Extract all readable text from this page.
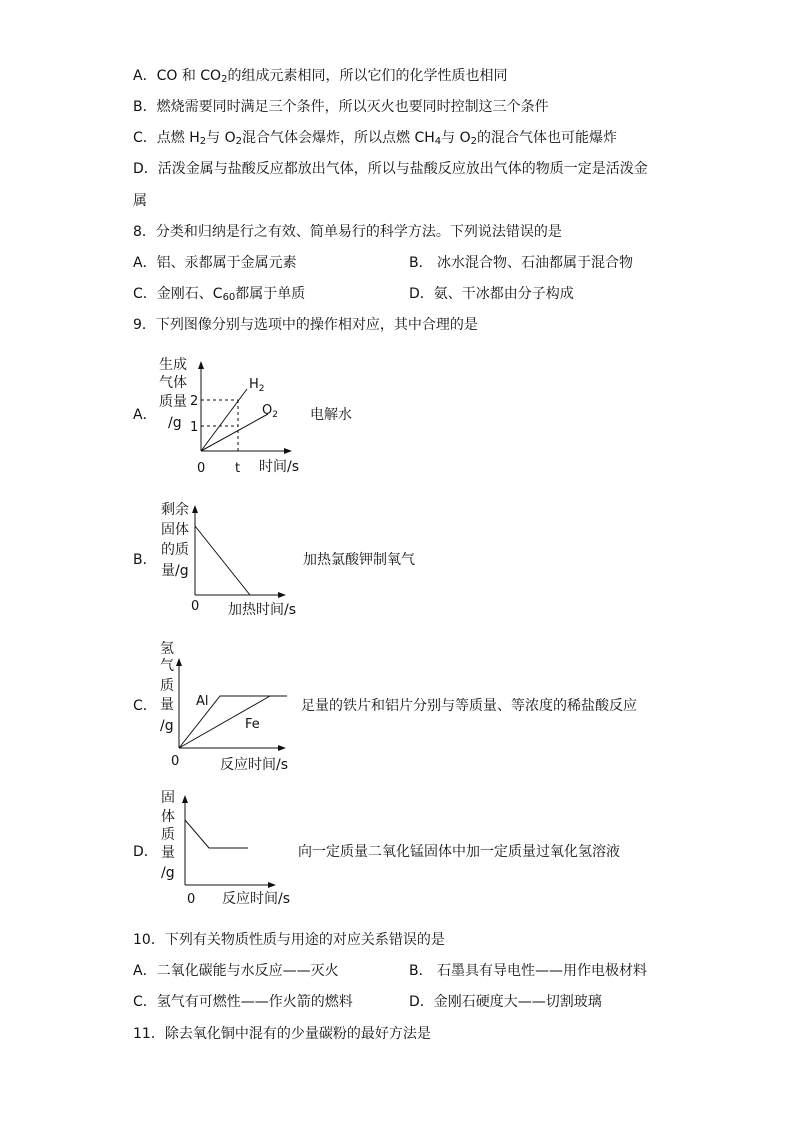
A．CO 和 $CO_2$的组成元素相同，所以它们的化学性质也相同
B．燃烧需要同时满足三个条件，所以灭火也要同时控制这三个条件
C．点燃 $H_2$与 $O_2$混合气体会爆炸，所以点燃 $CH_4$与 $O_2$的混合气体也可能爆炸
D．活泼金属与盐酸反应都放出气体，所以与盐酸反应放出气体的物质一定是活泼金
属
8．分类和归纳是行之有效、简单易行的科学方法。下列说法错误的是
A．铝、汞都属于金属元素	B． 冰水混合物、石油都属于混合物
C．金刚石、$C_{60}$都属于单质	D．氨、干冰都由分子构成
9．下列图像分别与选项中的操作相对应，其中合理的是
A．
生成
气体
质量
/g
2
1
0 t 时间/s
$H_2$
$O_2$ 电解水
B．
剩余
固体
的质
量/g
0 加热时间/s
加热氯酸钾制氧气
C．
氢
气
质
量
/g
Al
Fe
0	反应时间/s
足量的铁片和铝片分别与等质量、等浓度的稀盐酸反应
D．
固
体
质
量
/g
0 反应时间/s
向一定质量二氧化锰固体中加一定质量过氧化氢溶液
10．下列有关物质性质与用途的对应关系错误的是
A．二氧化碳能与水反应——灭火	B． 石墨具有导电性——用作电极材料
C．氢气有可燃性——作火箭的燃料	D．金刚石硬度大——切割玻璃
11．除去氧化铜中混有的少量碳粉的最好方法是
